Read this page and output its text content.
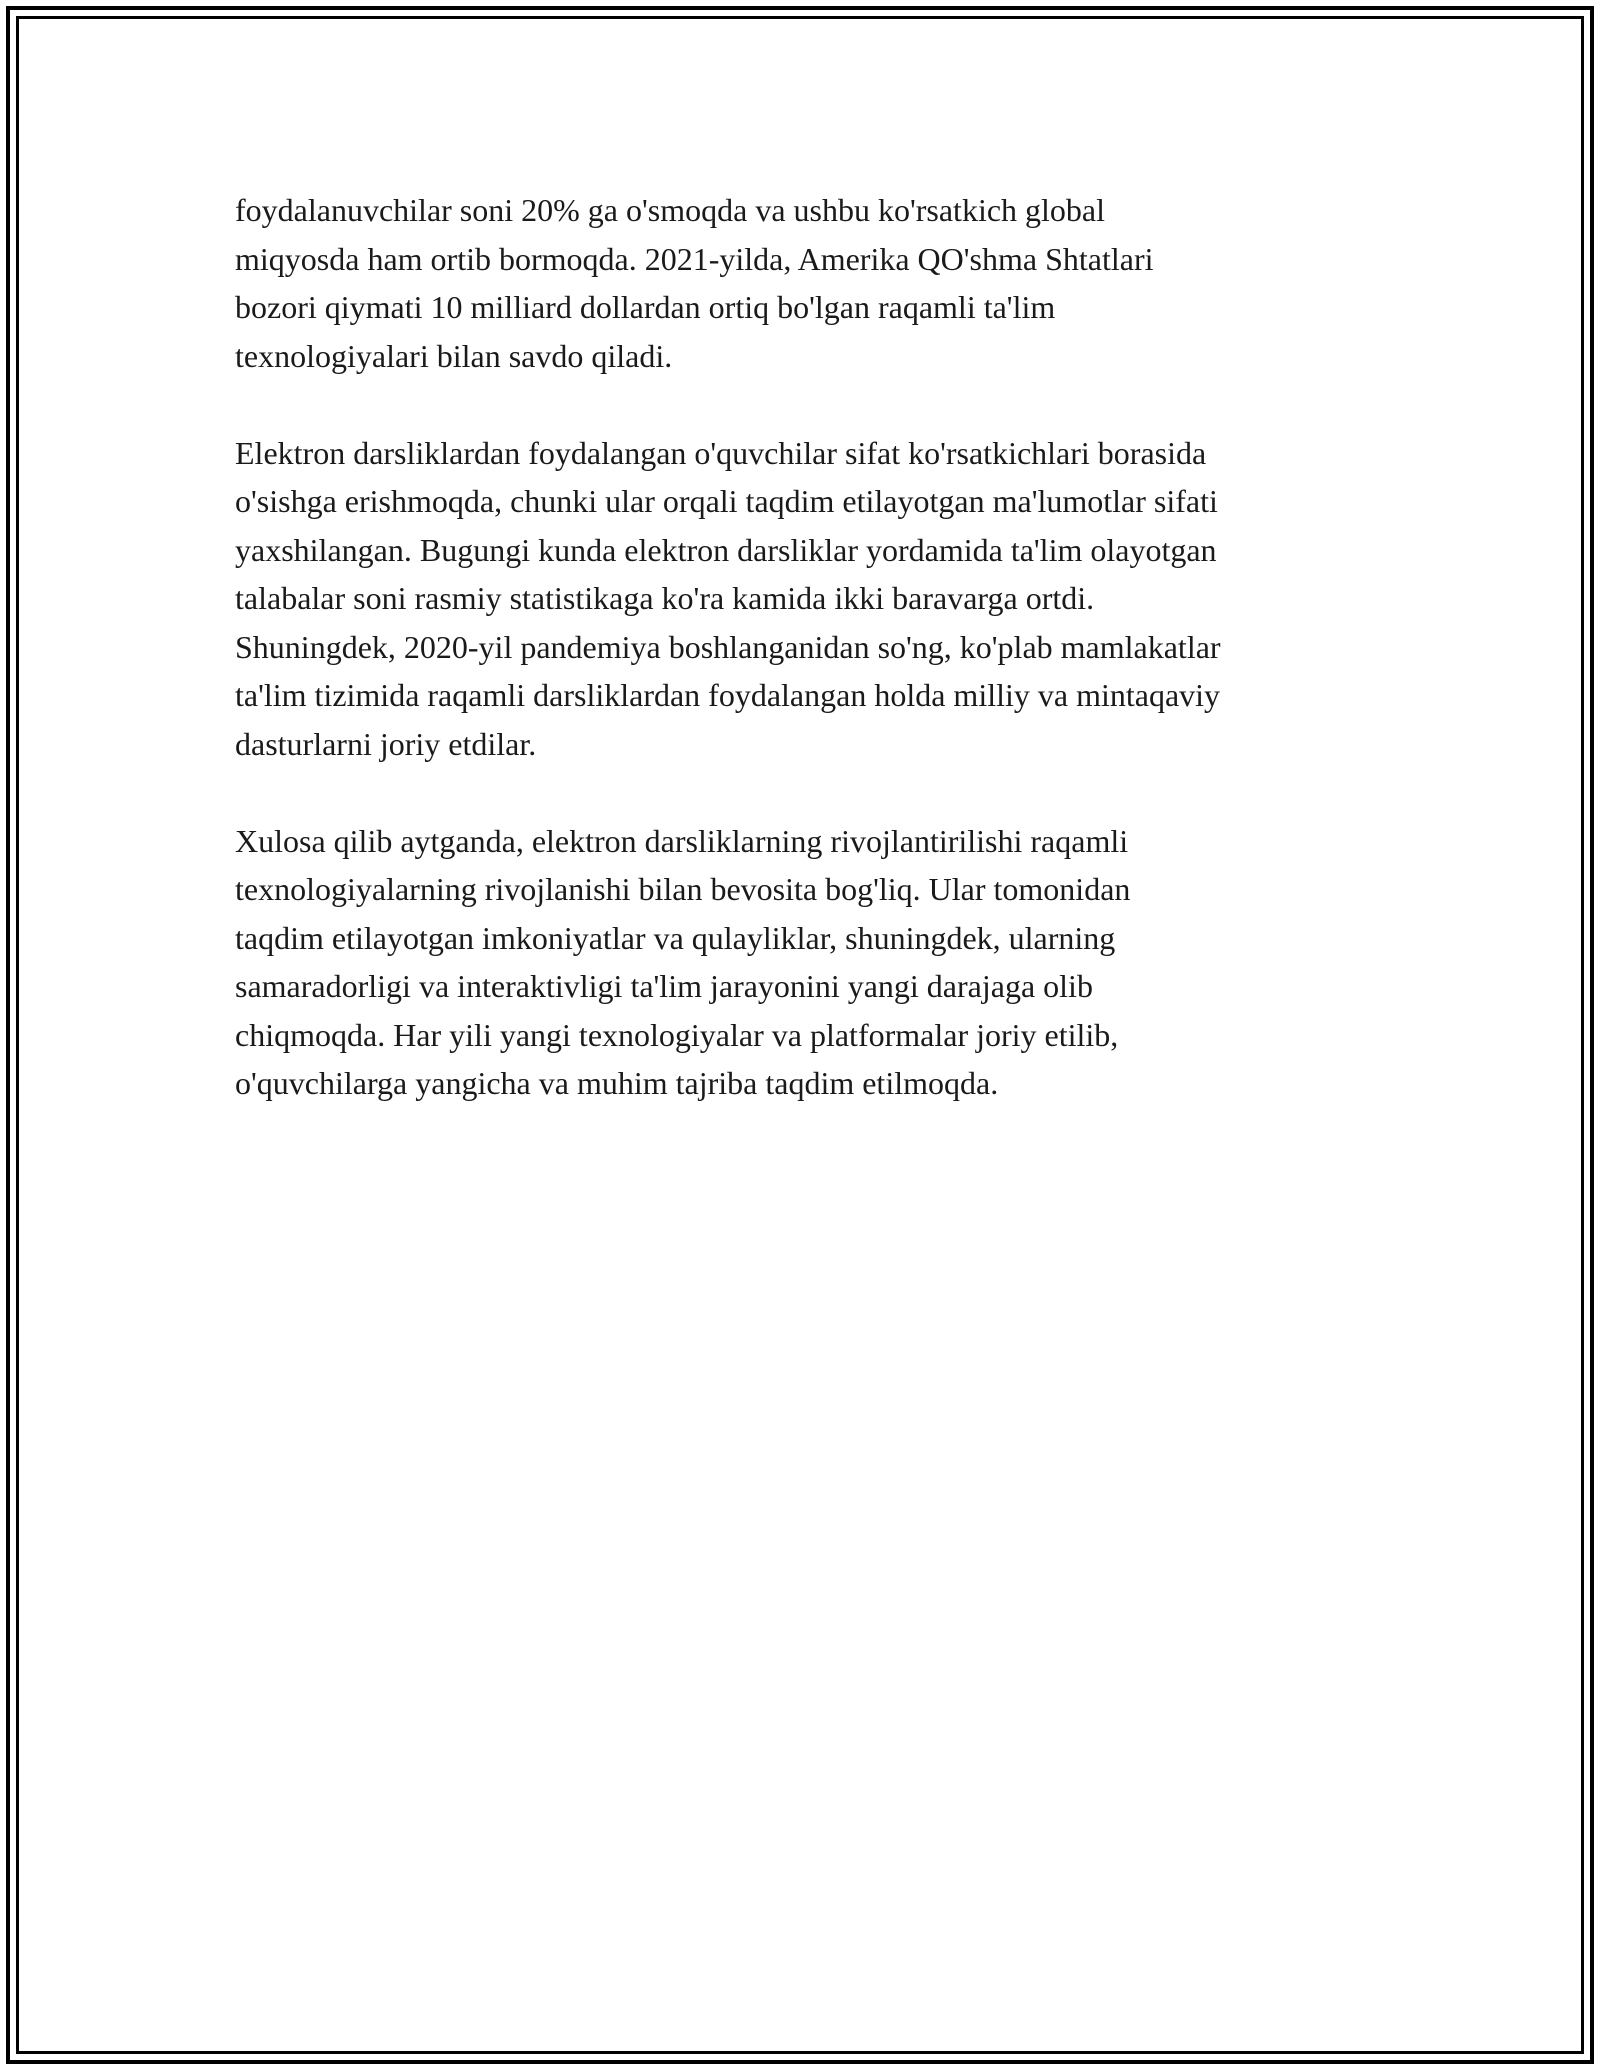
foydalanuvchilar soni 20% ga o'smoqda va ushbu ko'rsatkich global
miqyosda ham ortib bormoqda. 2021-yilda, Amerika QO'shma Shtatlari
bozori qiymati 10 milliard dollardan ortiq bo'lgan raqamli ta'lim
texnologiyalari bilan savdo qiladi.

Elektron darsliklardan foydalangan o'quvchilar sifat ko'rsatkichlari borasida
o'sishga erishmoqda, chunki ular orqali taqdim etilayotgan ma'lumotlar sifati
yaxshilangan. Bugungi kunda elektron darsliklar yordamida ta'lim olayotgan
talabalar soni rasmiy statistikaga ko'ra kamida ikki baravarga ortdi.
Shuningdek, 2020-yil pandemiya boshlanganidan so'ng, ko'plab mamlakatlar
ta'lim tizimida raqamli darsliklardan foydalangan holda milliy va mintaqaviy
dasturlarni joriy etdilar.

Xulosa qilib aytganda, elektron darsliklarning rivojlantirilishi raqamli
texnologiyalarning rivojlanishi bilan bevosita bog'liq. Ular tomonidan
taqdim etilayotgan imkoniyatlar va qulayliklar, shuningdek, ularning
samaradorligi va interaktivligi ta'lim jarayonini yangi darajaga olib
chiqmoqda. Har yili yangi texnologiyalar va platformalar joriy etilib,
o'quvchilarga yangicha va muhim tajriba taqdim etilmoqda.
